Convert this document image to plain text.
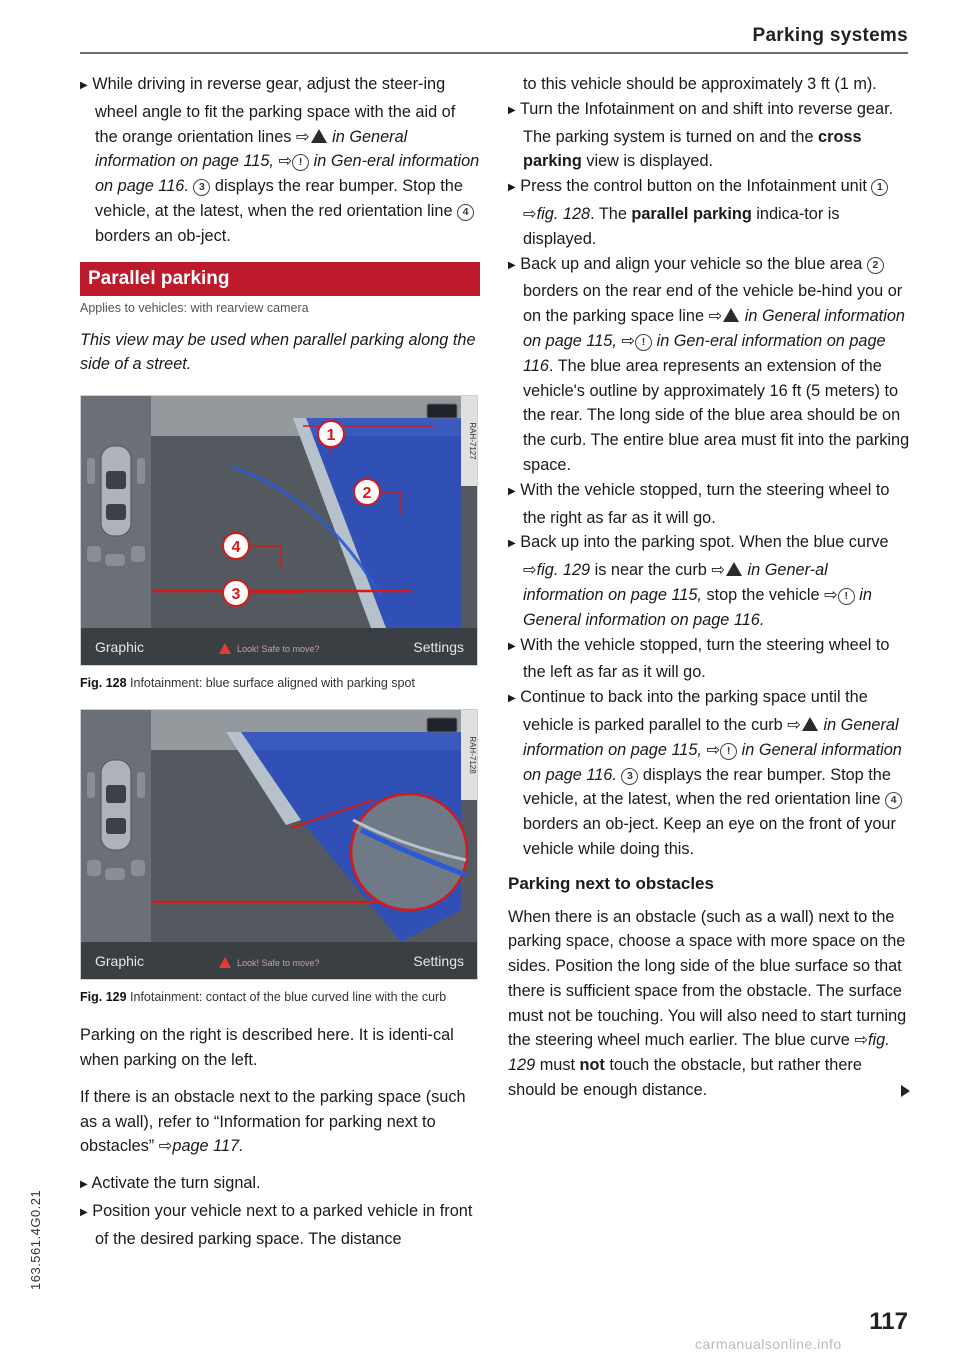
Parking systems

▶ While driving in reverse gear, adjust the steer-ing wheel angle to fit the parking space with the aid of the orange orientation lines ⇨! in General information on page 115, ⇨ ! in Gen-eral information on page 116. 3 displays the rear bumper. Stop the vehicle, at the latest, when the red orientation line 4 borders an ob-ject.

Parallel parking
Applies to vehicles: with rearview camera

This view may be used when parallel parking along the side of a street.

RAH-7127
1
2
3
4
Graphic	Look! Safe to move?	Settings
Fig. 128 Infotainment: blue surface aligned with parking spot
RAH-7128
Graphic	Look! Safe to move?	Settings
Fig. 129 Infotainment: contact of the blue curved line with the curb

Parking on the right is described here. It is identi-cal when parking on the left.

If there is an obstacle next to the parking space (such as a wall), refer to “Information for parking next to obstacles” ⇨page 117.

▶ Activate the turn signal.

▶ Position your vehicle next to a parked vehicle in front of the desired parking space. The distance

to this vehicle should be approximately 3 ft (1 m).

▶ Turn the Infotainment on and shift into reverse gear. The parking system is turned on and the cross parking view is displayed.

▶ Press the control button on the Infotainment unit 1 ⇨fig. 128. The parallel parking indica-tor is displayed.

▶ Back up and align your vehicle so the blue area 2 borders on the rear end of the vehicle be-hind you or on the parking space line ⇨! in General information on page 115, ⇨ ! in Gen-eral information on page 116. The blue area represents an extension of the vehicle's outline by approximately 16 ft (5 meters) to the rear. The long side of the blue area should be on the curb. The entire blue area must fit into the parking space.

▶ With the vehicle stopped, turn the steering wheel to the right as far as it will go.

▶ Back up into the parking spot. When the blue curve ⇨fig. 129 is near the curb ⇨! in Gener-al information on page 115, stop the vehicle ⇨ ! in General information on page 116.

▶ With the vehicle stopped, turn the steering wheel to the left as far as it will go.

▶ Continue to back into the parking space until the vehicle is parked parallel to the curb ⇨! in General information on page 115, ⇨ ! in General information on page 116. 3 displays the rear bumper. Stop the vehicle, at the latest, when the red orientation line 4 borders an ob-ject. Keep an eye on the front of your vehicle while doing this.

Parking next to obstacles

When there is an obstacle (such as a wall) next to the parking space, choose a space with more space on the sides. Position the long side of the blue surface so that there is sufficient space from the obstacle. The surface must not be touching. You will also need to start turning the steering wheel much earlier. The blue curve ⇨fig. 129 must not touch the obstacle, but rather there should be enough distance.

163.561.4G0.21
117
carmanualsonline.info
